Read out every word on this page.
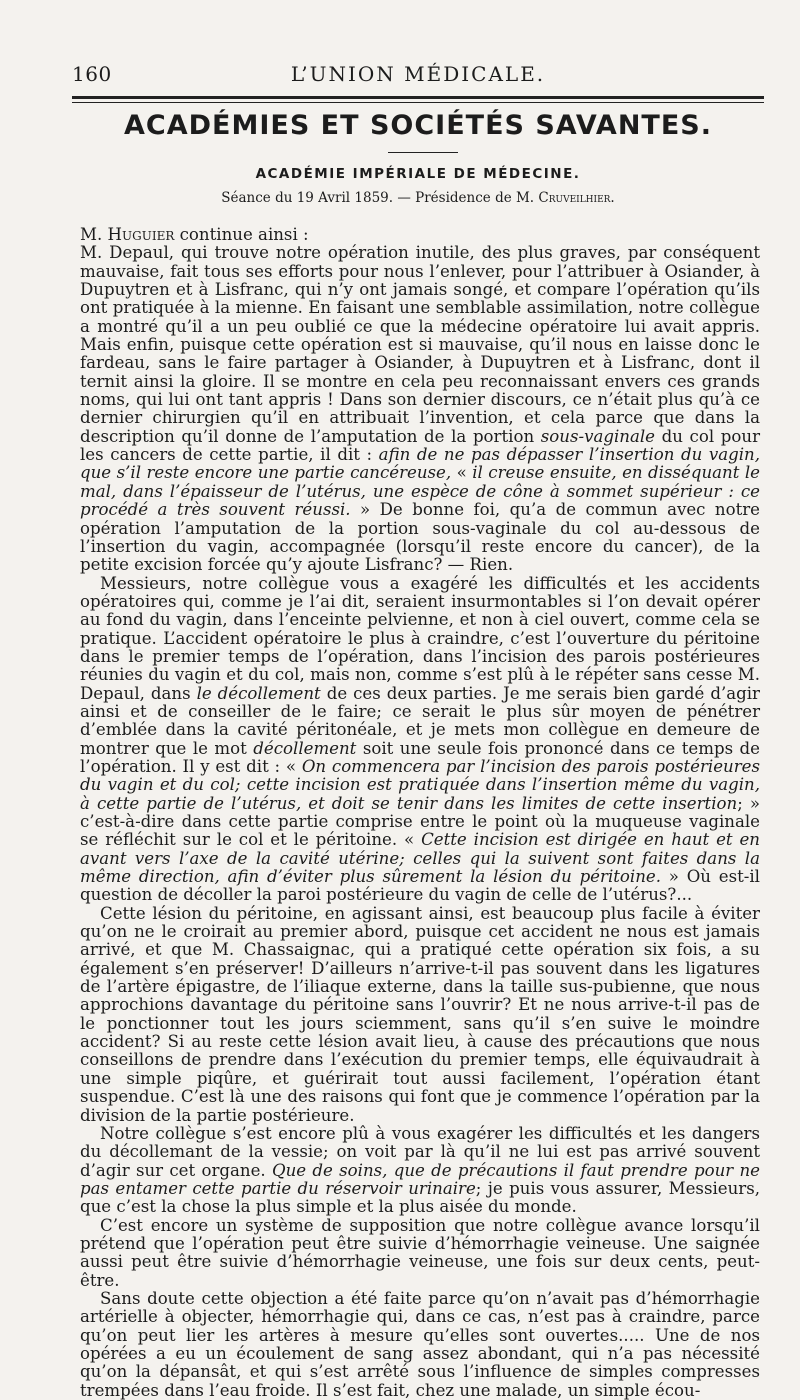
160	L’UNION MÉDICALE.
ACADÉMIES ET SOCIÉTÉS SAVANTES.
ACADÉMIE IMPÉRIALE DE MÉDECINE.
Séance du 19 Avril 1859. — Présidence de M. Cruveilhier.

M. Huguier continue ainsi :

M. Depaul, qui trouve notre opération inutile, des plus graves, par conséquent mauvaise, fait tous ses efforts pour nous l’enlever, pour l’attribuer à Osiander, à Dupuytren et à Lisfranc, qui n’y ont jamais songé, et compare l’opération qu’ils ont pratiquée à la mienne. En faisant une semblable assimilation, notre collègue a montré qu’il a un peu oublié ce que la médecine opératoire lui avait appris. Mais enfin, puisque cette opération est si mauvaise, qu’il nous en laisse donc le fardeau, sans le faire partager à Osiander, à Dupuytren et à Lisfranc, dont il ternit ainsi la gloire. Il se montre en cela peu reconnaissant envers ces grands noms, qui lui ont tant appris ! Dans son dernier discours, ce n’était plus qu’à ce dernier chirurgien qu’il en attribuait l’invention, et cela parce que dans la description qu’il donne de l’amputation de la portion sous-vaginale du col pour les cancers de cette partie, il dit : afin de ne pas dépasser l’insertion du vagin, que s’il reste encore une partie cancéreuse, « il creuse ensuite, en disséquant le mal, dans l’épaisseur de l’utérus, une espèce de cône à sommet supérieur : ce procédé a très souvent réussi. » De bonne foi, qu’a de commun avec notre opération l’amputation de la portion sous-vaginale du col au-dessous de l’insertion du vagin, accompagnée (lorsqu’il reste encore du cancer), de la petite excision forcée qu’y ajoute Lisfranc? — Rien.

Messieurs, notre collègue vous a exagéré les difficultés et les accidents opératoires qui, comme je l’ai dit, seraient insurmontables si l’on devait opérer au fond du vagin, dans l’enceinte pelvienne, et non à ciel ouvert, comme cela se pratique. L’accident opératoire le plus à craindre, c’est l’ouverture du péritoine dans le premier temps de l’opération, dans l’incision des parois postérieures réunies du vagin et du col, mais non, comme s’est plû à le répéter sans cesse M. Depaul, dans le décollement de ces deux parties. Je me serais bien gardé d’agir ainsi et de conseiller de le faire; ce serait le plus sûr moyen de pénétrer d’emblée dans la cavité péritonéale, et je mets mon collègue en demeure de montrer que le mot décollement soit une seule fois prononcé dans ce temps de l’opération. Il y est dit : « On commencera par l’incision des parois postérieures du vagin et du col; cette incision est pratiquée dans l’insertion même du vagin, à cette partie de l’utérus, et doit se tenir dans les limites de cette insertion; » c’est-à-dire dans cette partie comprise entre le point où la muqueuse vaginale se réfléchit sur le col et le péritoine. « Cette incision est dirigée en haut et en avant vers l’axe de la cavité utérine; celles qui la suivent sont faites dans la même direction, afin d’éviter plus sûrement la lésion du péritoine. » Où est-il question de décoller la paroi postérieure du vagin de celle de l’utérus?...

Cette lésion du péritoine, en agissant ainsi, est beaucoup plus facile à éviter qu’on ne le croirait au premier abord, puisque cet accident ne nous est jamais arrivé, et que M. Chassaignac, qui a pratiqué cette opération six fois, a su également s’en préserver! D’ailleurs n’arrive-t-il pas souvent dans les ligatures de l’artère épigastre, de l’iliaque externe, dans la taille sus-pubienne, que nous approchions davantage du péritoine sans l’ouvrir? Et ne nous arrive-t-il pas de le ponctionner tout les jours sciemment, sans qu’il s’en suive le moindre accident? Si au reste cette lésion avait lieu, à cause des précautions que nous conseillons de prendre dans l’exécution du premier temps, elle équivaudrait à une simple piqûre, et guérirait tout aussi facilement, l’opération étant suspendue. C’est là une des raisons qui font que je commence l’opération par la division de la partie postérieure.

Notre collègue s’est encore plû à vous exagérer les difficultés et les dangers du décollemant de la vessie; on voit par là qu’il ne lui est pas arrivé souvent d’agir sur cet organe. Que de soins, que de précautions il faut prendre pour ne pas entamer cette partie du réservoir urinaire; je puis vous assurer, Messieurs, que c’est la chose la plus simple et la plus aisée du monde.

C’est encore un système de supposition que notre collègue avance lorsqu’il prétend que l’opération peut être suivie d’hémorrhagie veineuse. Une saignée aussi peut être suivie d’hémorrhagie veineuse, une fois sur deux cents, peut-être.

Sans doute cette objection a été faite parce qu’on n’avait pas d’hémorrhagie artérielle à objecter, hémorrhagie qui, dans ce cas, n’est pas à craindre, parce qu’on peut lier les artères à mesure qu’elles sont ouvertes..... Une de nos opérées a eu un écoulement de sang assez abondant, qui n’a pas nécessité qu’on la dépansât, et qui s’est arrêté sous l’influence de simples compresses trempées dans l’eau froide. Il s’est fait, chez une malade, un simple écou-
